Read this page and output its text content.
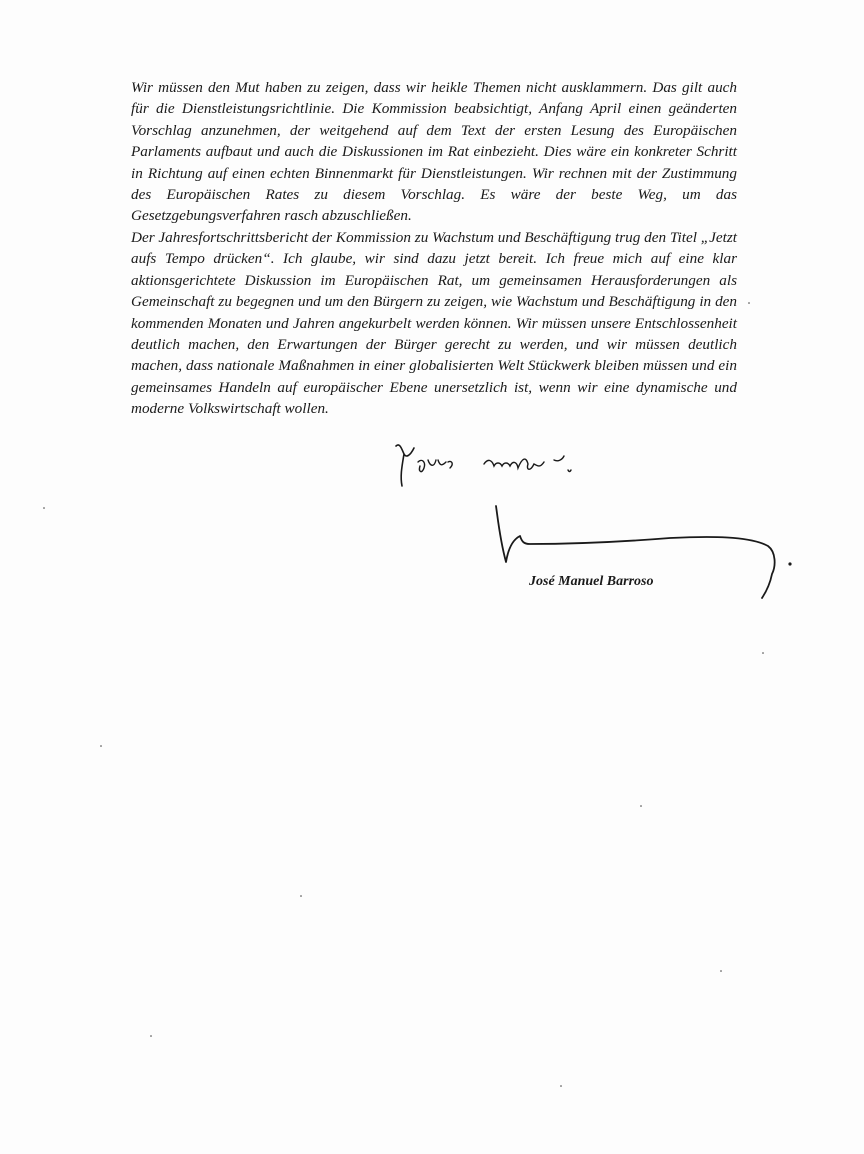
Wir müssen den Mut haben zu zeigen, dass wir heikle Themen nicht ausklammern. Das gilt auch für die Dienstleistungsrichtlinie. Die Kommission beabsichtigt, Anfang April einen geänderten Vorschlag anzunehmen, der weitgehend auf dem Text der ersten Lesung des Europäischen Parlaments aufbaut und auch die Diskussionen im Rat einbezieht. Dies wäre ein konkreter Schritt in Richtung auf einen echten Binnenmarkt für Dienstleistungen. Wir rechnen mit der Zustimmung des Europäischen Rates zu diesem Vorschlag. Es wäre der beste Weg, um das Gesetzgebungsverfahren rasch abzuschließen.

Der Jahresfortschrittsbericht der Kommission zu Wachstum und Beschäftigung trug den Titel „Jetzt aufs Tempo drücken“. Ich glaube, wir sind dazu jetzt bereit. Ich freue mich auf eine klar aktionsgerichtete Diskussion im Europäischen Rat, um gemeinsamen Herausforderungen als Gemeinschaft zu begegnen und um den Bürgern zu zeigen, wie Wachstum und Beschäftigung in den kommenden Monaten und Jahren angekurbelt werden können. Wir müssen unsere Entschlossenheit deutlich machen, den Erwartungen der Bürger gerecht zu werden, und wir müssen deutlich machen, dass nationale Maßnahmen in einer globalisierten Welt Stückwerk bleiben müssen und ein gemeinsames Handeln auf europäischer Ebene unersetzlich ist, wenn wir eine dynamische und moderne Volkswirtschaft wollen.

José Manuel Barroso
